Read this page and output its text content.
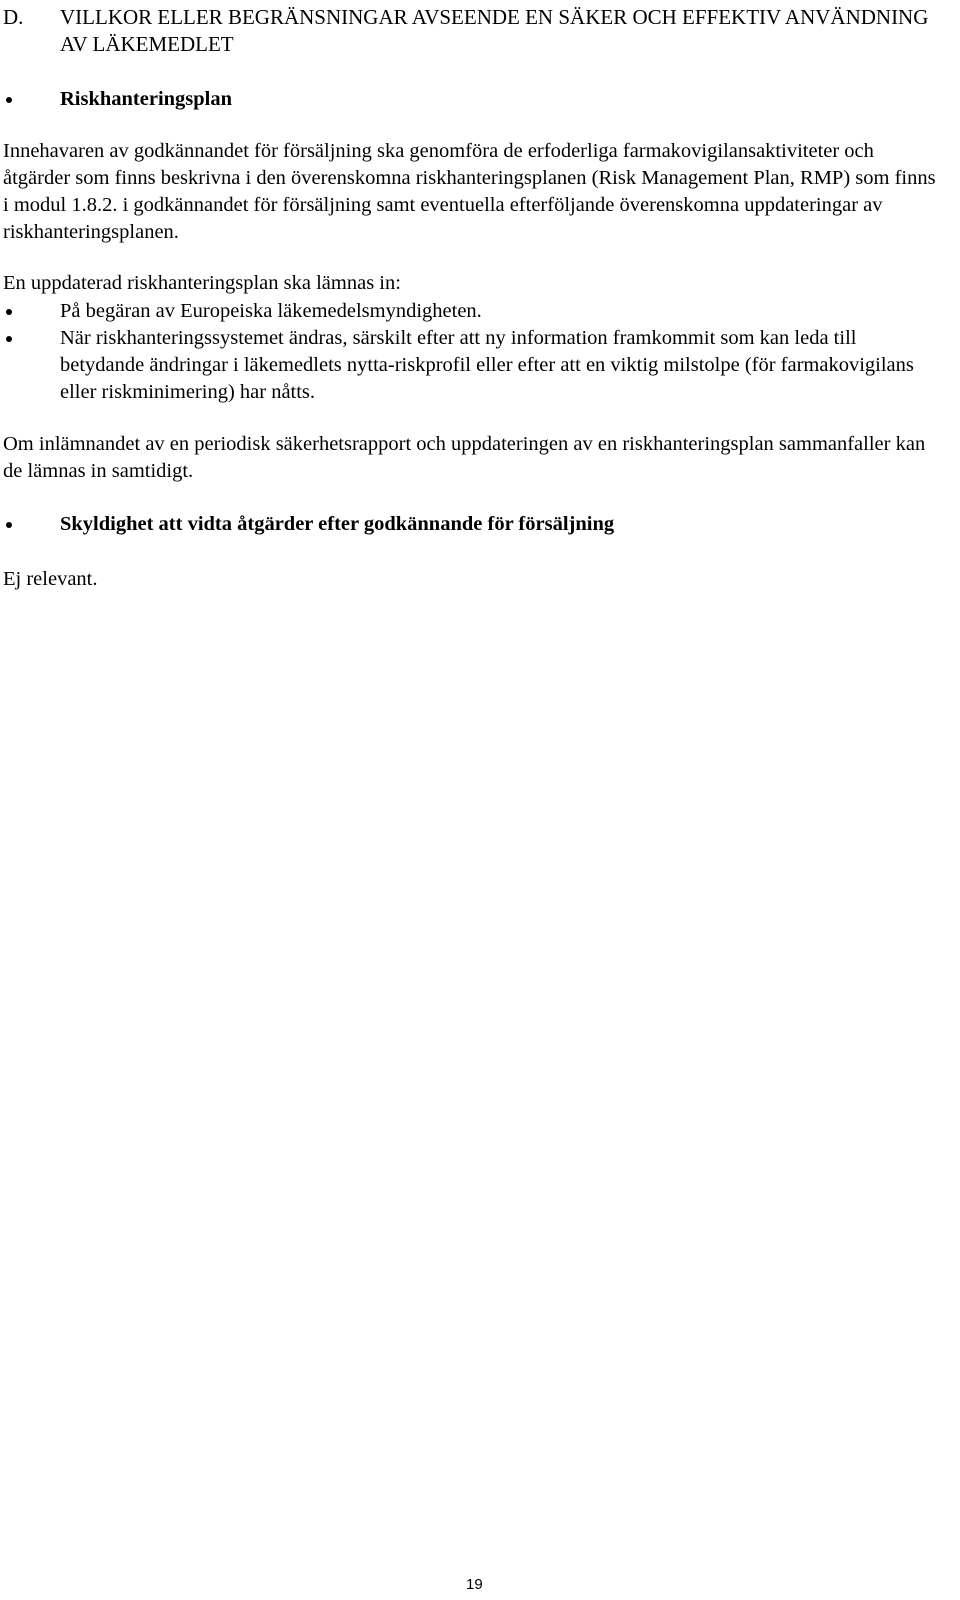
D.	VILLKOR ELLER BEGRÄNSNINGAR AVSEENDE EN SÄKER OCH EFFEKTIV ANVÄNDNING AV LÄKEMEDLET
Riskhanteringsplan

Innehavaren av godkännandet för försäljning ska genomföra de erfoderliga farmakovigilansaktiviteter och åtgärder som finns beskrivna i den överenskomna riskhanteringsplanen (Risk Management Plan, RMP) som finns i modul 1.8.2. i godkännandet för försäljning samt eventuella efterföljande överenskomna uppdateringar av riskhanteringsplanen.

En uppdaterad riskhanteringsplan ska lämnas in:

På begäran av Europeiska läkemedelsmyndigheten.
När riskhanteringssystemet ändras, särskilt efter att ny information framkommit som kan leda till betydande ändringar i läkemedlets nytta-riskprofil eller efter att en viktig milstolpe (för farmakovigilans eller riskminimering) har nåtts.

Om inlämnandet av en periodisk säkerhetsrapport och uppdateringen av en riskhanteringsplan sammanfaller kan de lämnas in samtidigt.

Skyldighet att vidta åtgärder efter godkännande för försäljning

Ej relevant.

19
